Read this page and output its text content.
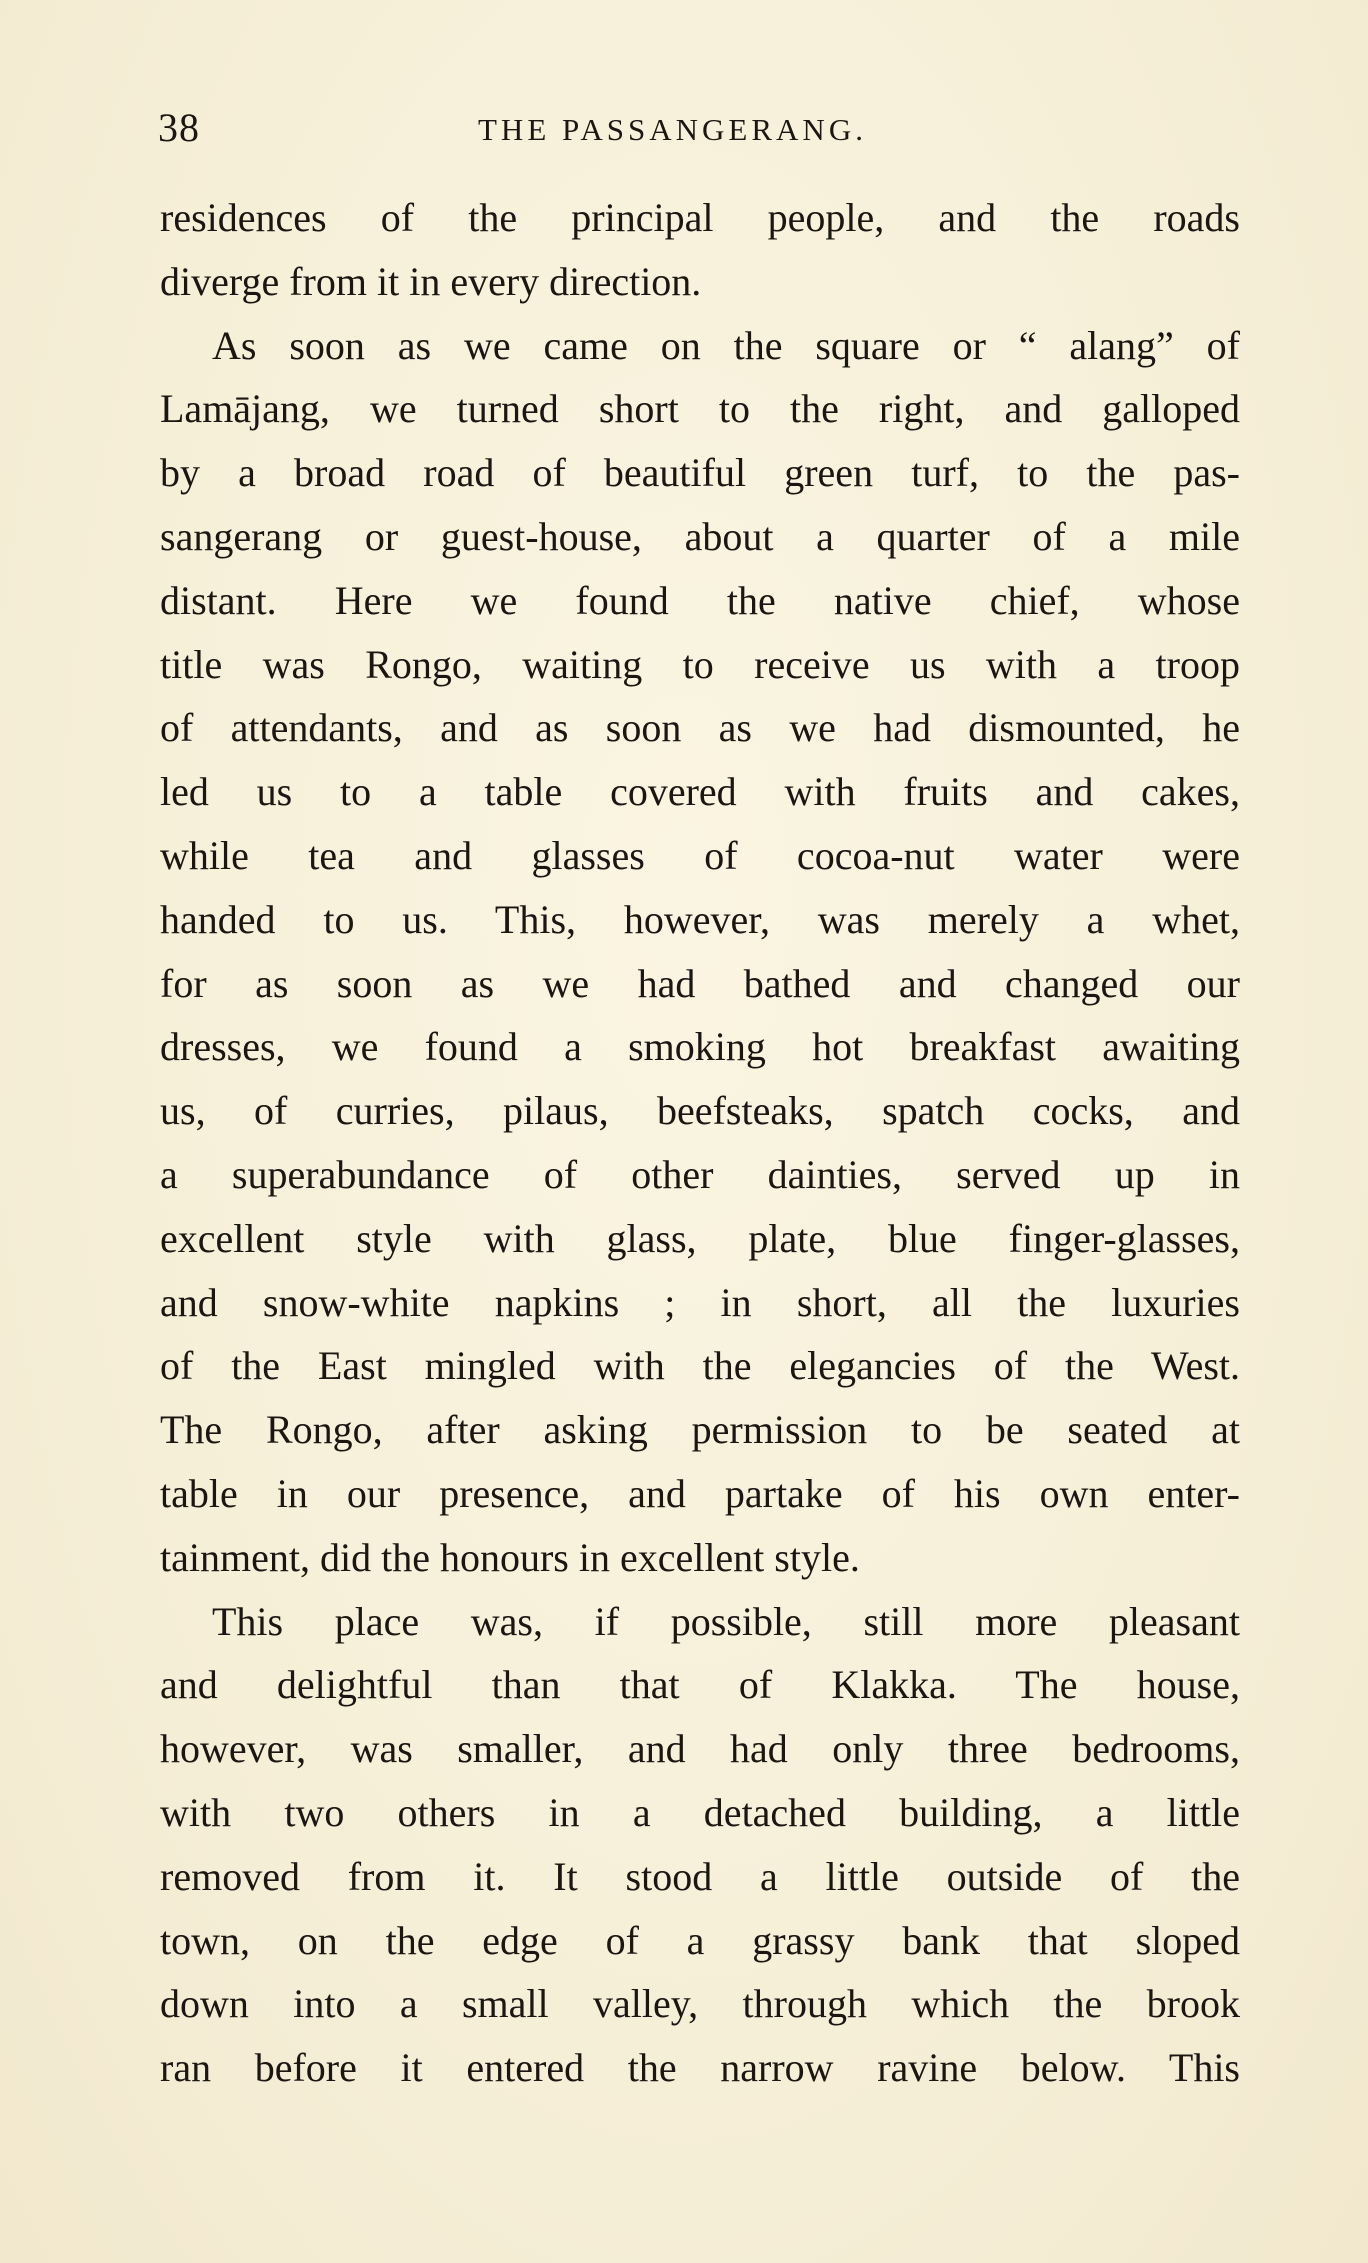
38	THE PASSANGERANG.
residences of the principal people, and the roads
diverge from it in every direction.
As soon as we came on the square or “ alang” of
Lamājang, we turned short to the right, and galloped
by a broad road of beautiful green turf, to the pas-
sangerang or guest-house, about a quarter of a mile
distant. Here we found the native chief, whose
title was Rongo, waiting to receive us with a troop
of attendants, and as soon as we had dismounted, he
led us to a table covered with fruits and cakes,
while tea and glasses of cocoa-nut water were
handed to us. This, however, was merely a whet,
for as soon as we had bathed and changed our
dresses, we found a smoking hot breakfast awaiting
us, of curries, pilaus, beefsteaks, spatch cocks, and
a superabundance of other dainties, served up in
excellent style with glass, plate, blue finger-glasses,
and snow-white napkins ; in short, all the luxuries
of the East mingled with the elegancies of the West.
The Rongo, after asking permission to be seated at
table in our presence, and partake of his own enter-
tainment, did the honours in excellent style.
This place was, if possible, still more pleasant
and delightful than that of Klakka. The house,
however, was smaller, and had only three bedrooms,
with two others in a detached building, a little
removed from it. It stood a little outside of the
town, on the edge of a grassy bank that sloped
down into a small valley, through which the brook
ran before it entered the narrow ravine below. This
